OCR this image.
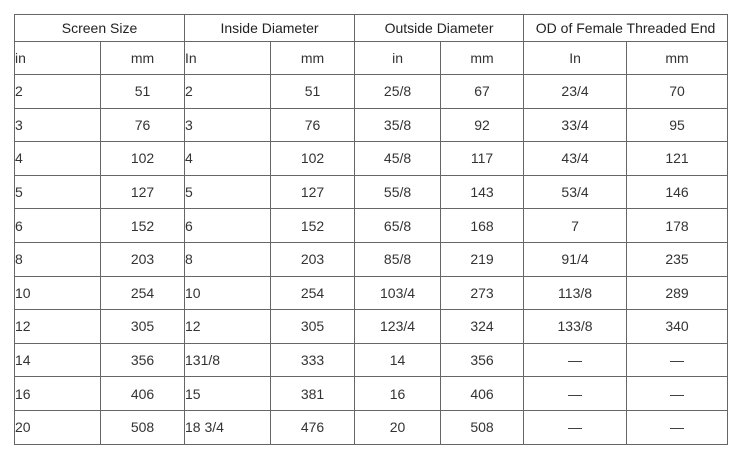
Screen Size		Inside Diameter		Outside Diameter		OD of Female Threaded End	
in	mm	In	mm	in	mm	In	mm
2	51	2	51	25/8	67	23/4	70
3	76	3	76	35/8	92	33/4	95
4	102	4	102	45/8	117	43/4	121
5	127	5	127	55/8	143	53/4	146
6	152	6	152	65/8	168	7	178
8	203	8	203	85/8	219	91/4	235
10	254	10	254	103/4	273	113/8	289
12	305	12	305	123/4	324	133/8	340
14	356	131/8	333	14	356	—	—
16	406	15	381	16	406	—	—
20	508	18 3/4	476	20	508	—	—
